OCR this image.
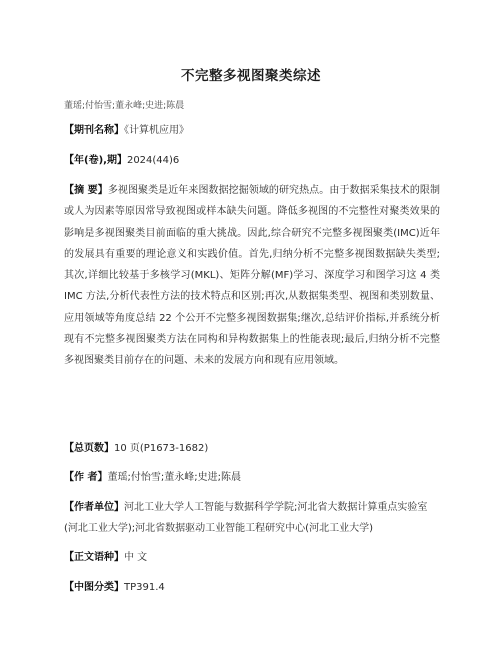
不完整多视图聚类综述
董瑶;付怡雪;董永峰;史进;陈晨
【期刊名称】《计算机应用》
【年(卷),期】2024(44)6
【摘 要】多视图聚类是近年来图数据挖掘领域的研究热点。由于数据采集技术的限制或人为因素等原因常导致视图或样本缺失问题。降低多视图的不完整性对聚类效果的影响是多视图聚类目前面临的重大挑战。因此,综合研究不完整多视图聚类(IMC)近年的发展具有重要的理论意义和实践价值。首先,归纳分析不完整多视图数据缺失类型;其次,详细比较基于多核学习(MKL)、矩阵分解(MF)学习、深度学习和图学习这 4 类 IMC 方法,分析代表性方法的技术特点和区别;再次,从数据集类型、视图和类别数量、应用领域等角度总结 22 个公开不完整多视图数据集;继次,总结评价指标,并系统分析现有不完整多视图聚类方法在同构和异构数据集上的性能表现;最后,归纳分析不完整多视图聚类目前存在的问题、未来的发展方向和现有应用领域。
【总页数】10 页(P1673-1682)
【作 者】董瑶;付怡雪;董永峰;史进;陈晨
【作者单位】河北工业大学人工智能与数据科学学院;河北省大数据计算重点实验室(河北工业大学);河北省数据驱动工业智能工程研究中心(河北工业大学)
【正文语种】中 文
【中图分类】TP391.4
